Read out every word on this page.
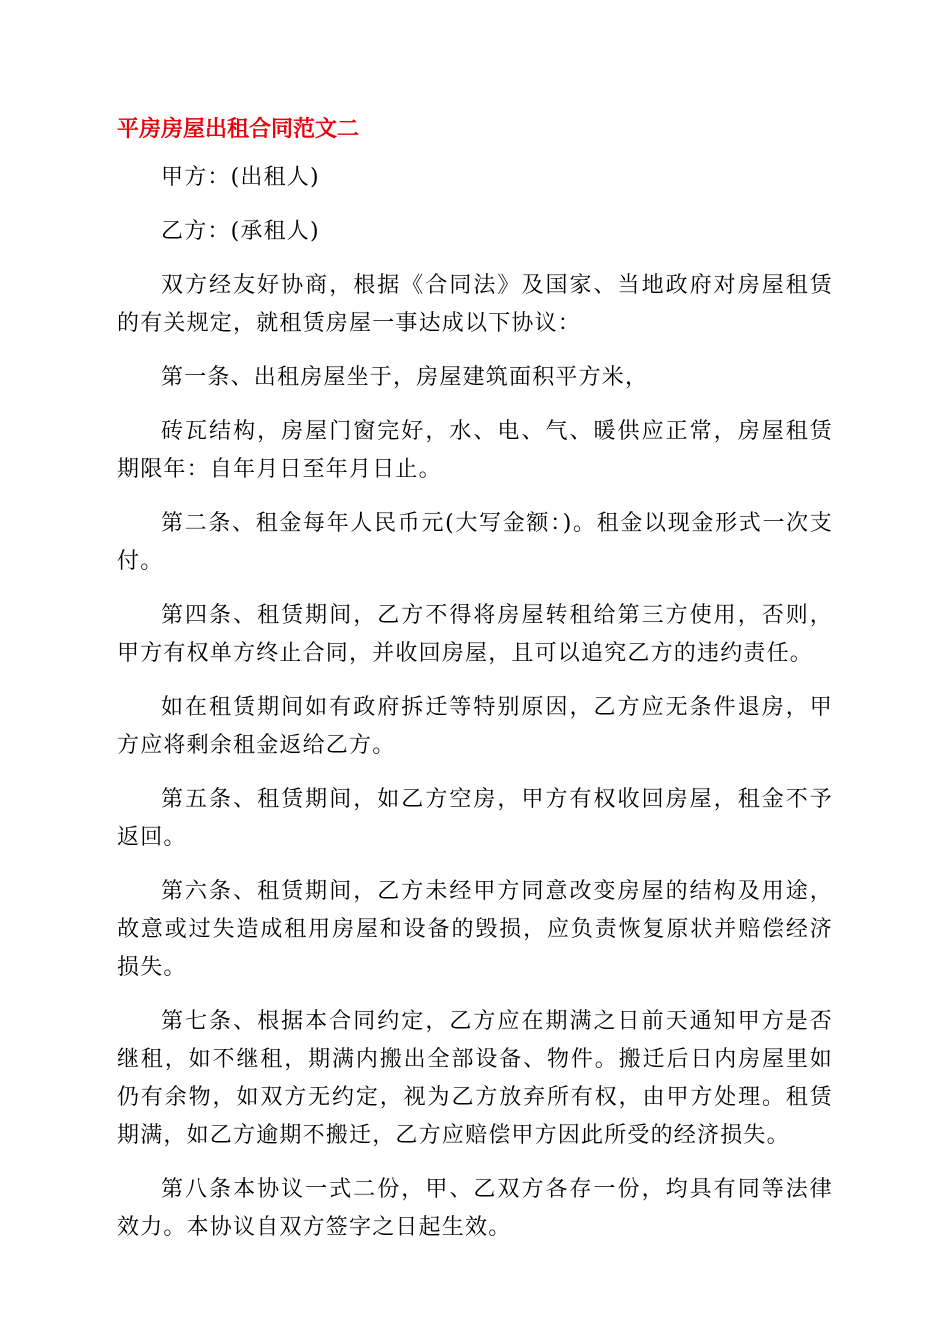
平房房屋出租合同范文二

甲方：(出租人)

乙方：(承租人)

双方经友好协商，根据《合同法》及国家、当地政府对房屋租赁的有关规定，就租赁房屋一事达成以下协议：

第一条、出租房屋坐于，房屋建筑面积平方米，

砖瓦结构，房屋门窗完好，水、电、气、暖供应正常，房屋租赁期限年：自年月日至年月日止。

第二条、租金每年人民币元(大写金额：)。租金以现金形式一次支付。

第四条、租赁期间，乙方不得将房屋转租给第三方使用，否则，甲方有权单方终止合同，并收回房屋，且可以追究乙方的违约责任。

如在租赁期间如有政府拆迁等特别原因，乙方应无条件退房，甲方应将剩余租金返给乙方。

第五条、租赁期间，如乙方空房，甲方有权收回房屋，租金不予返回。

第六条、租赁期间，乙方未经甲方同意改变房屋的结构及用途，故意或过失造成租用房屋和设备的毁损，应负责恢复原状并赔偿经济损失。

第七条、根据本合同约定，乙方应在期满之日前天通知甲方是否继租，如不继租，期满内搬出全部设备、物件。搬迁后日内房屋里如仍有余物，如双方无约定，视为乙方放弃所有权，由甲方处理。租赁期满，如乙方逾期不搬迁，乙方应赔偿甲方因此所受的经济损失。

第八条本协议一式二份，甲、乙双方各存一份，均具有同等法律效力。本协议自双方签字之日起生效。
